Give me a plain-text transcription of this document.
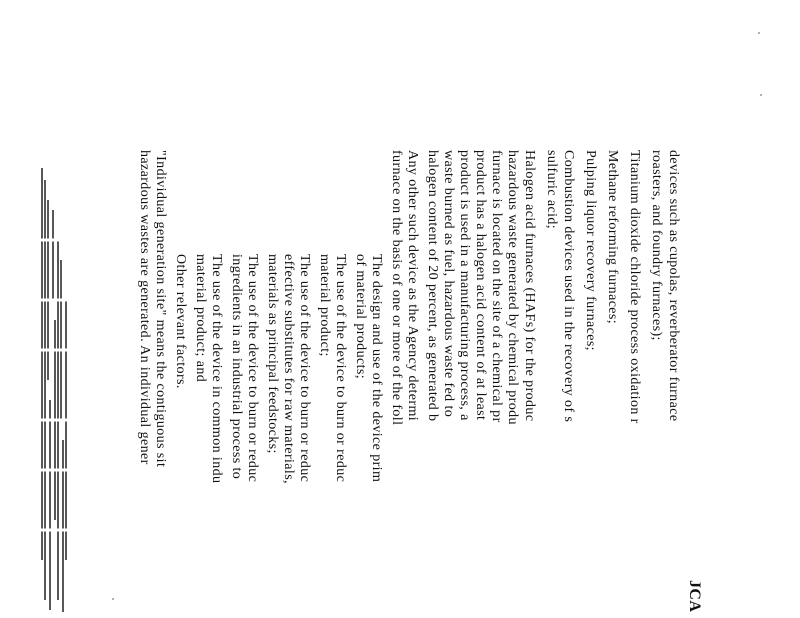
JCA
devices such as cupolas, reverberator furnace
roasters, and foundry furnaces);
Titanium dioxide chloride process oxidation r
Methane reforming furnaces;
Pulping liquor recovery furnaces;
Combustion devices used in the recovery of s
sulfuric acid;
Halogen acid furnaces (HAFs) for the produc
hazardous waste generated by chemical produ
furnace is located on the site of a chemical pr
product has a halogen acid content of at least
product is used in a manufacturing process, a
waste burned as fuel, hazardous waste fed to
halogen content of 20 percent, as generated b
Any other such device as the Agency determi
furnace on the basis of one or more of the foll
The design and use of the device prim
of material products;
The use of the device to burn or reduc
material product;
The use of the device to burn or reduc
effective substitutes for raw materials,
materials as principal feedstocks;
The use of the device to burn or reduc
ingredients in an industrial process to
The use of the device in common indu
material product; and
Other relevant factors.
"Individual generation site" means the contiguous sit
hazardous wastes are generated. An individual gener
